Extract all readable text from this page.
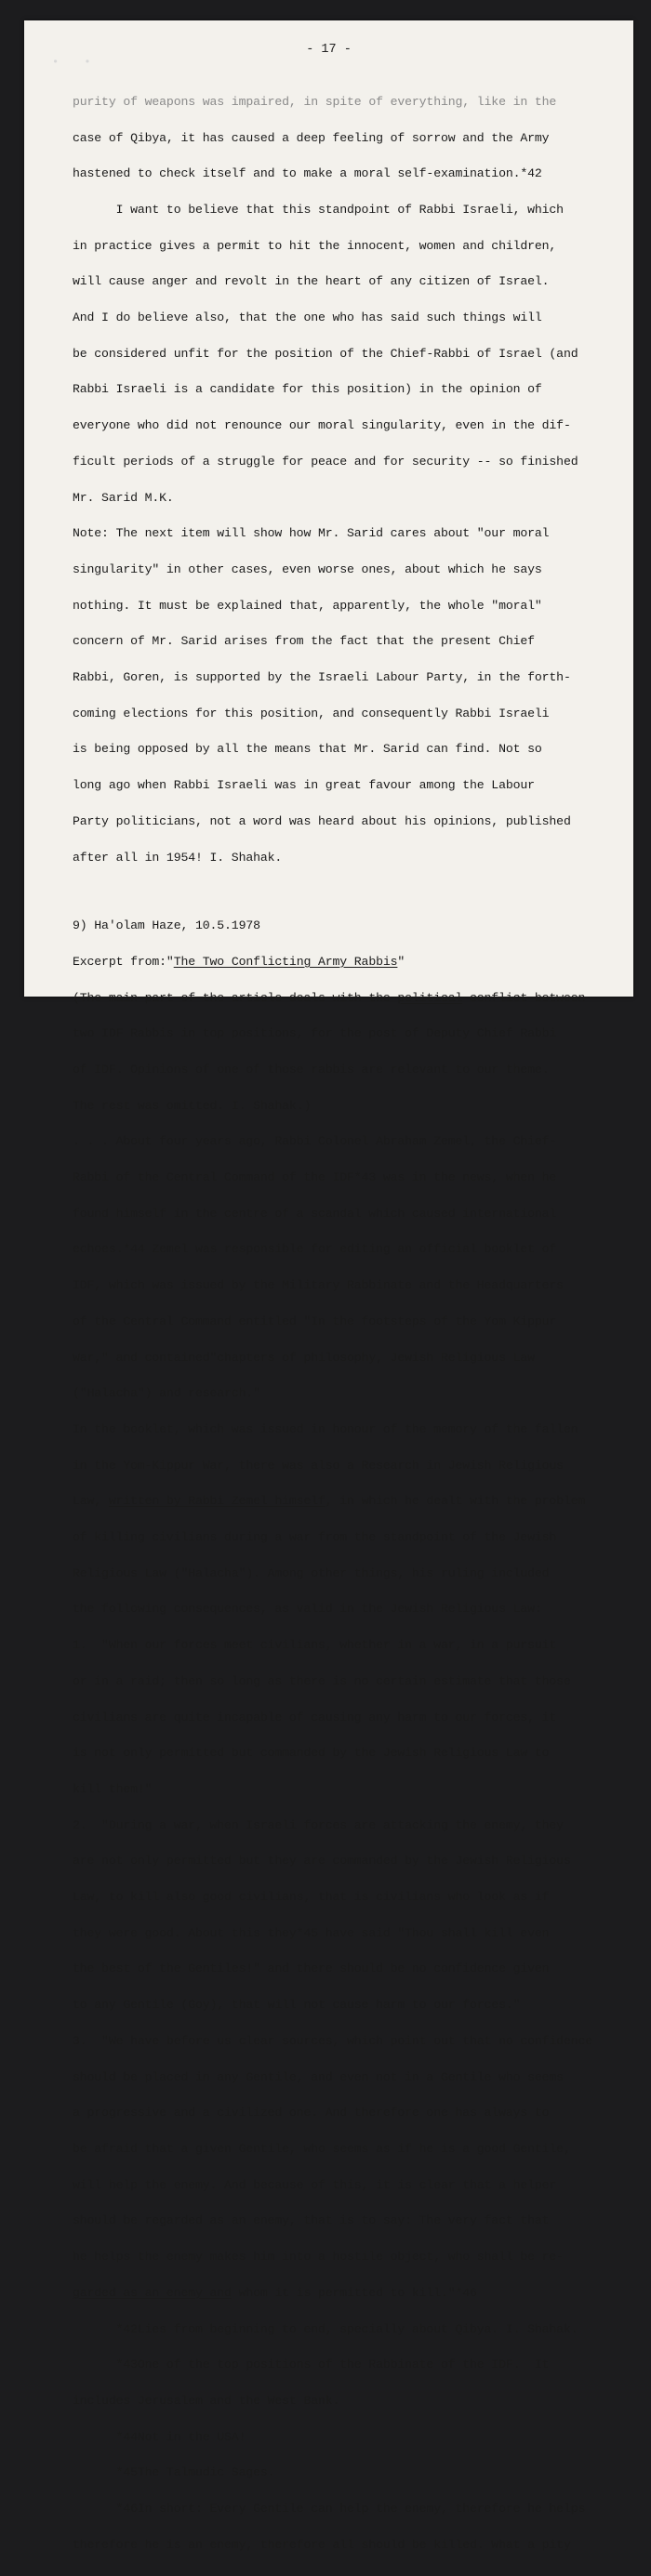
• •
- 17 -

purity of weapons was impaired, in spite of everything, like in the

case of Qibya, it has caused a deep feeling of sorrow and the Army

hastened to check itself and to make a moral self-examination.*42

I want to believe that this standpoint of Rabbi Israeli, which

in practice gives a permit to hit the innocent, women and children,

will cause anger and revolt in the heart of any citizen of Israel.

And I do believe also, that the one who has said such things will

be considered unfit for the position of the Chief-Rabbi of Israel (and

Rabbi Israeli is a candidate for this position) in the opinion of

everyone who did not renounce our moral singularity, even in the dif-

ficult periods of a struggle for peace and for security -- so finished

Mr. Sarid M.K.

Note: The next item will show how Mr. Sarid cares about "our moral

singularity" in other cases, even worse ones, about which he says

nothing. It must be explained that, apparently, the whole "moral"

concern of Mr. Sarid arises from the fact that the present Chief

Rabbi, Goren, is supported by the Israeli Labour Party, in the forth-

coming elections for this position, and consequently Rabbi Israeli

is being opposed by all the means that Mr. Sarid can find. Not so

long ago when Rabbi Israeli was in great favour among the Labour

Party politicians, not a word was heard about his opinions, published

after all in 1954! I. Shahak.

9) Ha'olam Haze, 10.5.1978

Excerpt from:"The Two Conflicting Army Rabbis"

(The main part of the article deals with the political conflict between

two IDF Rabbis in top positions, for the post of Deputy Chief Rabbi

of IDF. Opinions of one of those rabbis are relevant to our theme.

The rest was omitted. I. Shahak.)

. . . About four years ago, Rabbi Colonel Abraham Zemel, the Chief-

Rabbi of the Central Command of the IDF*43 was in the news, when he

found himself in the centre of a scandal which caused international

echoes.*44 Zemel was responsible for editing an official booklet of

IDF, which was issued by the Military Rabbinate and the Headquarters

of the Central Command entitled "In the footsteps of the Yom Kippur

War," and contained"chapters of philosophy, Jewish Religious Law

("Halacha") and research."

In the booklet, which was issued in honour of the memory of the fallen

in the Yom-Kippur War, there was also a Research in Jewish Religious

Law, written by Rabbi Zemel himself, in which he dealt with the problem

of killing civilians during a war from the standpoint of the Jewish

Religious Law ("Halacha"). Among other things, his ruling included

the following consequences, as valid in the Jewish Religious Law:

1.  "When our forces meet civilians, whether in a war, in a pursuit

or in a raid; then so long as there is no certain estimate that those

civilians are quite incapable of causing any harm to our forces, it

is not only permitted but commanded by the Jewish Religious Law to

kill them!"

2.  "During a war, when Israeli forces are attacking the enemy, they

are not only permitted but they are commanded by the Jewish Religious

Law, to kill also good civilians, that is civilians who look as if

they were good. About this they*45 have said "Thou shall kill even

the best of the Gentiles!" and there should be no confidence given

to any Gentile (Goy), that will not cause harm to our forces."

3.  "We have before us clear sources, which point out that no confidence

should be placed in any Gentile, and even not in a Gentile who seems

a progressive and a civilized one. And therefore one has always to

be afraid that a given Gentile, who seems as if he is a good Gentile,

will help the enemy. And because of this, it is clear that a helper

should be regarded as an enemy, that is to say: The very fact that

he helps the enemy makes him into a hostile object, who shall be re-

garded as an enemy and whom it is permitted to kill."*46

*42Lies from beginning to end, specially about Qibya. I. Shahak.

*43One of the top positions of the Rabbinate of the IDF.  It

includes Jerusalem and the West Bank.

*44Not in the USA!

*45The Talmudic Sages.

*46In short: Every Gentile can help the enemy, therefore he helps

therefore he is an enemy, therefore all should be killed. What a pity
